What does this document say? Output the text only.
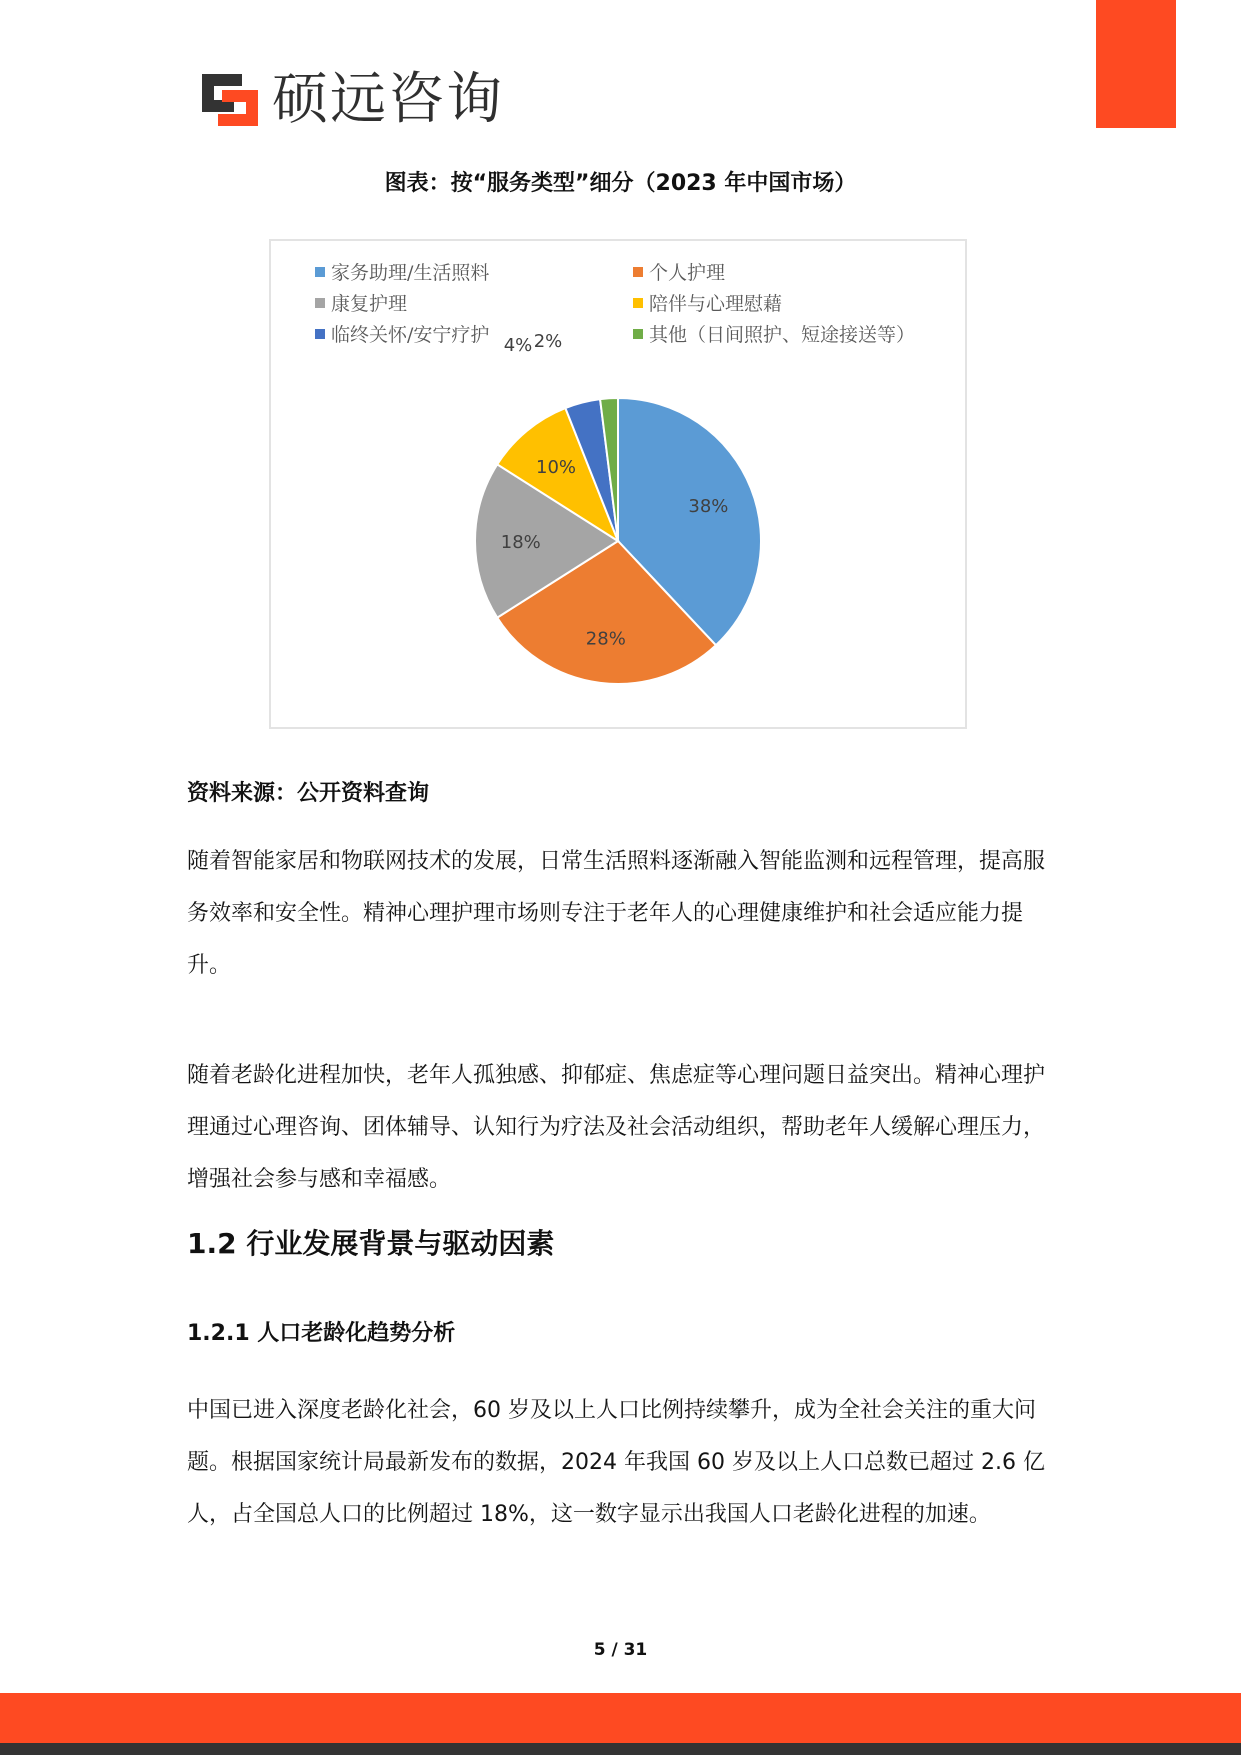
硕远咨询
图表：按“服务类型”细分（2023 年中国市场）
家务助理/生活照料	个人护理
康复护理	陪伴与心理慰藉
临终关怀/安宁疗护	其他（日间照护、短途接送等）
38%
28%
18%
10%
4% 2%
资料来源：公开资料查询
随着智能家居和物联网技术的发展，日常生活照料逐渐融入智能监测和远程管理，提高服务效率和安全性。精神心理护理市场则专注于老年人的心理健康维护和社会适应能力提升。
随着老龄化进程加快，老年人孤独感、抑郁症、焦虑症等心理问题日益突出。精神心理护理通过心理咨询、团体辅导、认知行为疗法及社会活动组织，帮助老年人缓解心理压力，增强社会参与感和幸福感。
1.2 行业发展背景与驱动因素
1.2.1 人口老龄化趋势分析
中国已进入深度老龄化社会，60 岁及以上人口比例持续攀升，成为全社会关注的重大问题。根据国家统计局最新发布的数据，2024 年我国 60 岁及以上人口总数已超过 2.6 亿人，占全国总人口的比例超过 18%，这一数字显示出我国人口老龄化进程的加速。
5 / 31
